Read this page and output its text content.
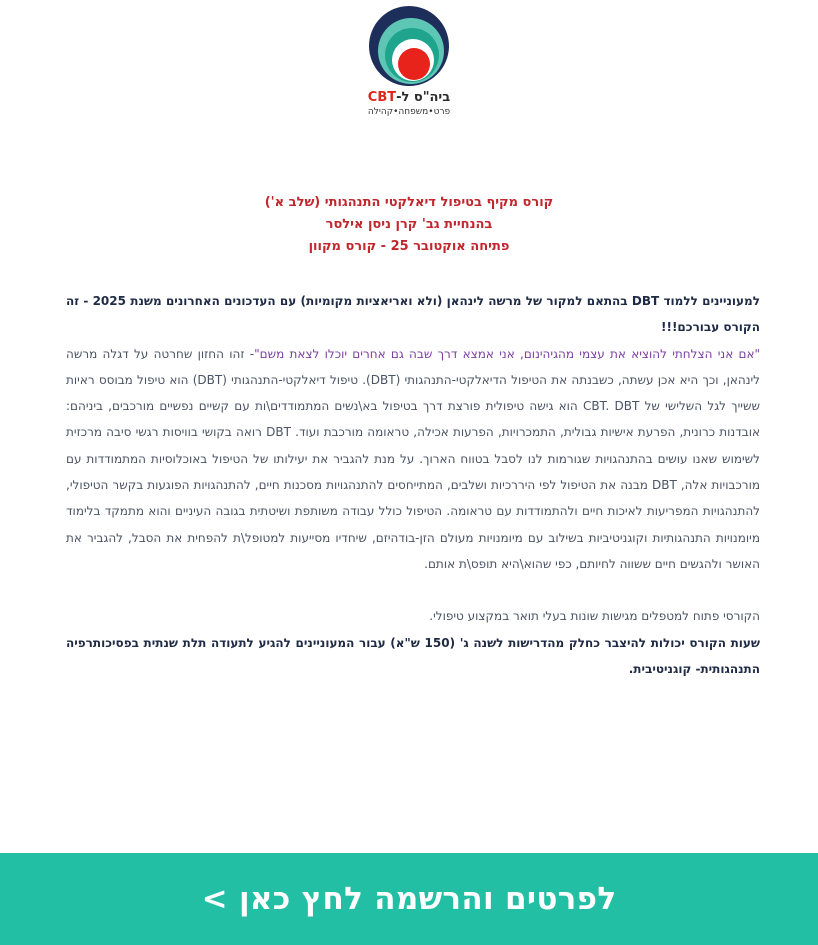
ביה"ס ל-CBT
פרט•משפחה•קהילה
קורס מקיף בטיפול דיאלקטי התנהגותי (שלב א')
בהנחיית גב' קרן ניסן אילסר
פתיחה אוקטובר 25 - קורס מקוון

למעוניינים ללמוד DBT בהתאם למקור של מרשה לינהאן (ולא ואריאציות מקומיות) עם העדכונים האחרונים משנת 2025 - זה הקורס עבורכם!!!

"אם אני הצלחתי להוציא את עצמי מהגיהינום, אני אמצא דרך שבה גם אחרים יוכלו לצאת משם"- זהו החזון שחרטה על דגלה מרשה לינהאן, וכך היא אכן עשתה, כשבנתה את הטיפול הדיאלקטי-התנהגותי (DBT). טיפול דיאלקטי-התנהגותי (DBT) הוא טיפול מבוסס ראיות ששייך לגל השלישי של CBT. DBT הוא גישה טיפולית פורצת דרך בטיפול בא\נשים המתמודדים\ות עם קשיים נפשיים מורכבים, ביניהם: אובדנות כרונית, הפרעת אישיות גבולית, התמכרויות, הפרעות אכילה, טראומה מורכבת ועוד. DBT רואה בקושי בוויסות רגשי סיבה מרכזית לשימוש שאנו עושים בהתנהגויות שגורמות לנו לסבל בטווח הארוך. על מנת להגביר את יעילותו של הטיפול באוכלוסיות המתמודדות עם מורכבויות אלה, DBT מבנה את הטיפול לפי היררכיות ושלבים, המתייחסים להתנהגויות מסכנות חיים, להתנהגויות הפוגעות בקשר הטיפולי, להתנהגויות המפריעות לאיכות חיים ולהתמודדות עם טראומה. הטיפול כולל עבודה משותפת ושיטתית בגובה העיניים והוא מתמקד בלימוד מיומנויות התנהגותיות וקוגניטיביות בשילוב עם מיומנויות מעולם הזן-בודהיזם, שיחדיו מסייעות למטופל\ת להפחית את הסבל, להגביר את האושר ולהגשים חיים ששווה לחיותם, כפי שהוא\היא תופס\ת אותם.

הקורסי פתוח למטפלים מגישות שונות בעלי תואר במקצוע טיפולי.

שעות הקורס יכולות להיצבר כחלק מהדרישות לשנה ג' (150 ש"א) עבור המעוניינים להגיע לתעודה תלת שנתית בפסיכותרפיה התנהגותית- קוגניטיבית.

לפרטים והרשמה לחץ כאן >
